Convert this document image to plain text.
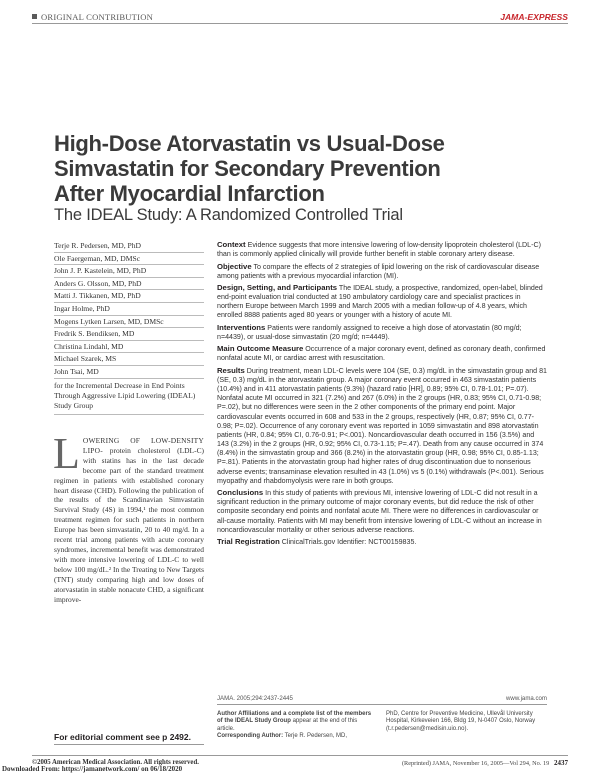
ORIGINAL CONTRIBUTION	JAMA-EXPRESS
High-Dose Atorvastatin vs Usual-Dose
Simvastatin for Secondary Prevention
After Myocardial Infarction
The IDEAL Study: A Randomized Controlled Trial
Terje R. Pedersen, MD, PhD
Ole Faergeman, MD, DMSc
John J. P. Kastelein, MD, PhD
Anders G. Olsson, MD, PhD
Matti J. Tikkanen, MD, PhD
Ingar Holme, PhD
Mogens Lytken Larsen, MD, DMSc
Fredrik S. Bendiksen, MD
Christina Lindahl, MD
Michael Szarek, MS
John Tsai, MD
for the Incremental Decrease in End Points Through Aggressive Lipid Lowering (IDEAL) Study Group
LOWERING OF LOW-DENSITY LIPO- protein cholesterol (LDL-C) with statins has in the last decade become part of the standard treatment regimen in patients with established coronary heart disease (CHD). Following the publication of the results of the Scandinavian Simvastatin Survival Study (4S) in 1994,¹ the most common treatment regimen for such patients in northern Europe has been simvastatin, 20 to 40 mg/d. In a recent trial among patients with acute coronary syndromes, incremental benefit was demonstrated with more intensive lowering of LDL-C to well below 100 mg/dL.² In the Treating to New Targets (TNT) study comparing high and low doses of atorvastatin in stable nonacute CHD, a significant improve-
For editorial comment see p 2492.

Context Evidence suggests that more intensive lowering of low-density lipoprotein cholesterol (LDL-C) than is commonly applied clinically will provide further benefit in stable coronary artery disease.

Objective To compare the effects of 2 strategies of lipid lowering on the risk of cardiovascular disease among patients with a previous myocardial infarction (MI).

Design, Setting, and Participants The IDEAL study, a prospective, randomized, open-label, blinded end-point evaluation trial conducted at 190 ambulatory cardiology care and specialist practices in northern Europe between March 1999 and March 2005 with a median follow-up of 4.8 years, which enrolled 8888 patients aged 80 years or younger with a history of acute MI.

Interventions Patients were randomly assigned to receive a high dose of atorvastatin (80 mg/d; n=4439), or usual-dose simvastatin (20 mg/d; n=4449).

Main Outcome Measure Occurrence of a major coronary event, defined as coronary death, confirmed nonfatal acute MI, or cardiac arrest with resuscitation.

Results During treatment, mean LDL-C levels were 104 (SE, 0.3) mg/dL in the simvastatin group and 81 (SE, 0.3) mg/dL in the atorvastatin group. A major coronary event occurred in 463 simvastatin patients (10.4%) and in 411 atorvastatin patients (9.3%) (hazard ratio [HR], 0.89; 95% CI, 0.78-1.01; P=.07). Nonfatal acute MI occurred in 321 (7.2%) and 267 (6.0%) in the 2 groups (HR, 0.83; 95% CI, 0.71-0.98; P=.02), but no differences were seen in the 2 other components of the primary end point. Major cardiovascular events occurred in 608 and 533 in the 2 groups, respectively (HR, 0.87; 95% CI, 0.77-0.98; P=.02). Occurrence of any coronary event was reported in 1059 simvastatin and 898 atorvastatin patients (HR, 0.84; 95% CI, 0.76-0.91; P<.001). Noncardiovascular death occurred in 156 (3.5%) and 143 (3.2%) in the 2 groups (HR, 0.92; 95% CI, 0.73-1.15; P=.47). Death from any cause occurred in 374 (8.4%) in the simvastatin group and 366 (8.2%) in the atorvastatin group (HR, 0.98; 95% CI, 0.85-1.13; P=.81). Patients in the atorvastatin group had higher rates of drug discontinuation due to nonserious adverse events; transaminase elevation resulted in 43 (1.0%) vs 5 (0.1%) withdrawals (P<.001). Serious myopathy and rhabdomyolysis were rare in both groups.

Conclusions In this study of patients with previous MI, intensive lowering of LDL-C did not result in a significant reduction in the primary outcome of major coronary events, but did reduce the risk of other composite secondary end points and nonfatal acute MI. There were no differences in cardiovascular or all-cause mortality. Patients with MI may benefit from intensive lowering of LDL-C without an increase in noncardiovascular mortality or other serious adverse reactions.

Trial Registration ClinicalTrials.gov Identifier: NCT00159835.

JAMA. 2005;294:2437-2445	www.jama.com
Author Affiliations and a complete list of the members of the IDEAL Study Group appear at the end of this article.
Corresponding Author: Terje R. Pedersen, MD,
PhD, Centre for Preventive Medicine, Ullevål University Hospital, Kirkeveien 166, Bldg 19, N-0407 Oslo, Norway (t.r.pedersen@medisin.uio.no).
©2005 American Medical Association. All rights reserved.	(Reprinted) JAMA, November 16, 2005—Vol 294, No. 19 2437
Downloaded From: https://jamanetwork.com/ on 06/18/2020
